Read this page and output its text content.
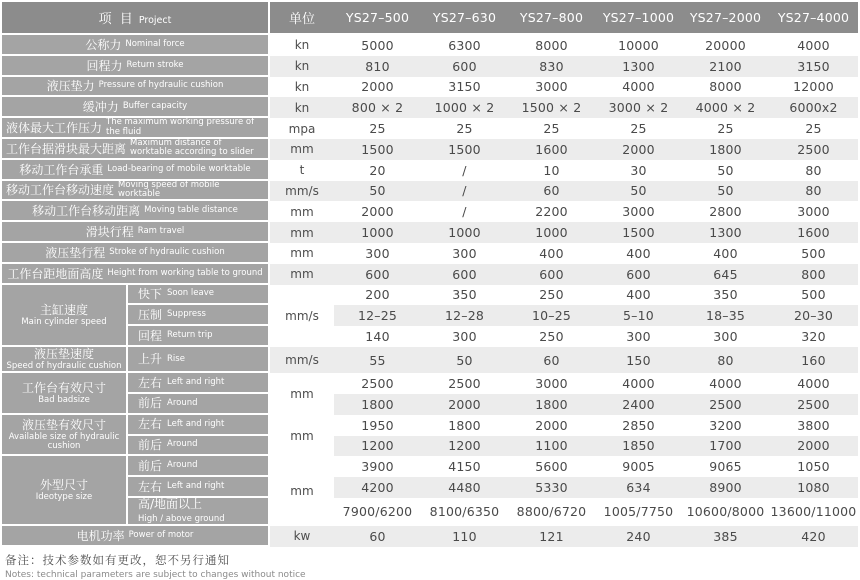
项 目 Project		单位	YS27–500	YS27–630	YS27–800	YS27–1000	YS27–2000	YS27–4000

公称力 Nominal force		kn	5000	6300	8000	10000	20000	4000

回程力 Return stroke		kn	810	600	830	1300	2100	3150

液压垫力 Pressure of hydraulic cushion		kn	2000	3150	3000	4000	8000	12000

缓冲力 Buffer capacity		kn	800 × 2	1000 × 2	1500 × 2	3000 × 2	4000 × 2	6000x2

液体最大工作压力 The maximum working pressure of the fluid		mpa	25	25	25	25	25	25

工作台据滑块最大距离 Maximum distance of worktable according to slider		mm	1500	1500	1600	2000	1800	2500

移动工作台承重 Load-bearing of mobile worktable		t	20	/	10	30	50	80

移动工作台移动速度 Moving speed of mobile worktable		mm/s	50	/	60	50	50	80

移动工作台移动距离 Moving table distance		mm	2000	/	2200	3000	2800	3000

滑块行程 Ram travel		mm	1000	1000	1000	1500	1300	1600

液压垫行程 Stroke of hydraulic cushion		mm	300	300	400	400	400	500

工作台距地面高度 Height from working table to ground		mm	600	600	600	600	645	800

主缸速度
Main cylinder speed	快下 Soon leave	mm/s	200	350	250	400	350	500

	压制 Suppress		12–25	12–28	10–25	5–10	18–35	20–30

	回程 Return trip		140	300	250	300	300	320

液压垫速度
Speed of hydraulic cushion	上升 Rise	mm/s	55	50	60	150	80	160

工作台有效尺寸
Bad badsize	左右 Left and right	mm	2500	2500	3000	4000	4000	4000

	前后 Around		1800	2000	1800	2400	2500	2500

液压垫有效尺寸
Available size of hydraulic cushion	左右 Left and right	mm	1950	1800	2000	2850	3200	3800

	前后 Around		1200	1200	1100	1850	1700	2000

外型尺寸
Ideotype size	前后 Around	mm	3900	4150	5600	9005	9065	1050

	左右 Left and right		4200	4480	5330	634	8900	1080

	高/地面以上
High / above ground		7900/6200	8100/6350	8800/6720	1005/7750	10600/8000	13600/11000

电机功率 Power of motor		kw	60	110	121	240	385	420
备注：技术参数如有更改，恕不另行通知
Notes: technical parameters are subject to changes without notice
